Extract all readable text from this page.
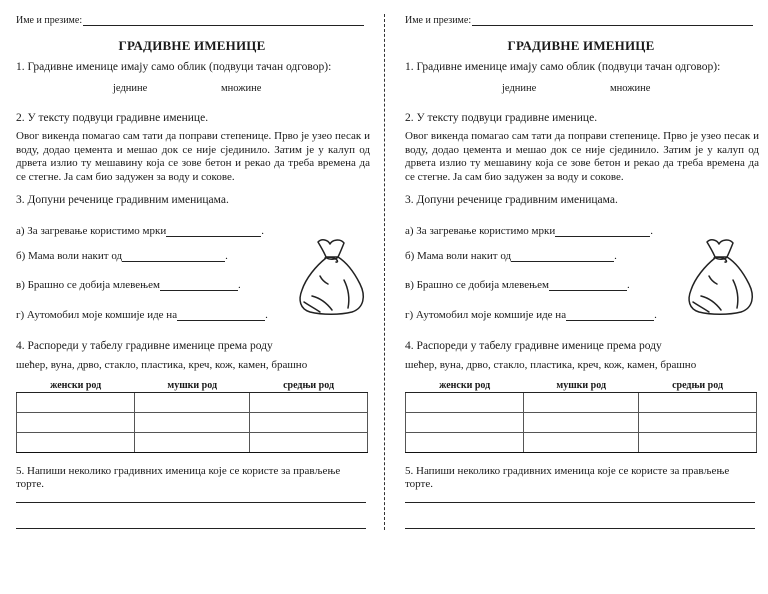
Име и презиме:
ГРАДИВНЕ ИМЕНИЦЕ
1. Градивне именице имају само облик (подвуци тачан одговор):
једнине	множине
2. У тексту подвуци градивне именице.
Овог викенда помагао сам тати да поправи степенице. Прво је узео песак и воду, додао цемента и мешао док се није сјединило. Затим је у калуп од дрвета излио ту мешавину која се зове бетон и рекао да треба времена да се стегне. Ја сам био задужен за воду и сокове.
3. Допуни реченице градивним именицама.
а) За загревање користимо мрки	.
б) Мама воли накит од	.
в) Брашно се добија млевењем	.
г) Аутомобил моје комшије иде на	.
4. Распореди у табелу градивне именице према роду
шећер, вуна, дрво, стакло, пластика, креч, кож, камен, брашно
женски род	мушки род	средњи род

5. Напиши неколико градивних именица које се користе за прављење торте.
Име и презиме:
ГРАДИВНЕ ИМЕНИЦЕ
1. Градивне именице имају само облик (подвуци тачан одговор):
једнине	множине
2. У тексту подвуци градивне именице.
Овог викенда помагао сам тати да поправи степенице. Прво је узео песак и воду, додао цемента и мешао док се није сјединило. Затим је у калуп од дрвета излио ту мешавину која се зове бетон и рекао да треба времена да се стегне. Ја сам био задужен за воду и сокове.
3. Допуни реченице градивним именицама.
а) За загревање користимо мрки	.
б) Мама воли накит од	.
в) Брашно се добија млевењем	.
г) Аутомобил моје комшије иде на	.
4. Распореди у табелу градивне именице према роду
шећер, вуна, дрво, стакло, пластика, креч, кож, камен, брашно
женски род	мушки род	средњи род

5. Напиши неколико градивних именица које се користе за прављење торте.
